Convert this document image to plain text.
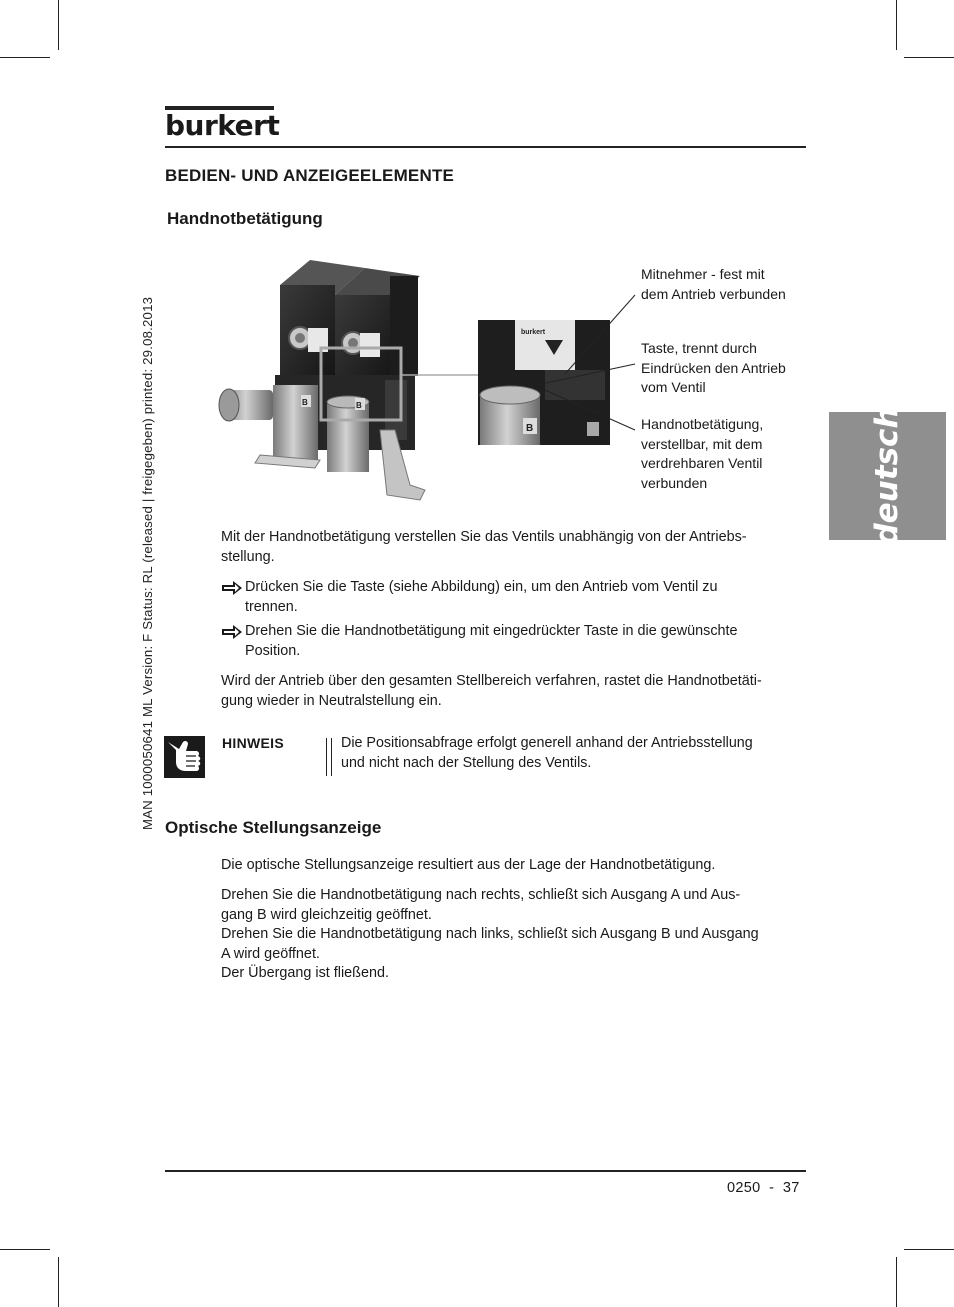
burkert
MAN 1000050641 ML Version: F Status: RL (released | freigegeben) printed: 29.08.2013	deutsch
BEDIEN- UND ANZEIGEELEMENTE
Handnotbetätigung
B	B
burkert
B
Mitnehmer - fest mit
dem Antrieb verbunden
Taste, trennt durch
Eindrücken den Antrieb
vom Ventil
Handnotbetätigung,
verstellbar, mit dem
verdrehbaren Ventil
verbunden
Mit der Handnotbetätigung verstellen Sie das Ventils unabhängig von der Antriebs-
stellung.
Drücken Sie die Taste (siehe Abbildung) ein, um den Antrieb vom Ventil zu
trennen.
Drehen Sie die Handnotbetätigung mit eingedrückter Taste in die gewünschte
Position.
Wird der Antrieb über den gesamten Stellbereich verfahren, rastet die Handnotbetäti-
gung wieder in Neutralstellung ein.
HINWEIS	Die Positionsabfrage erfolgt generell anhand der Antriebsstellung
und nicht nach der Stellung des Ventils.
Optische Stellungsanzeige
Die optische Stellungsanzeige resultiert aus der Lage der Handnotbetätigung.
Drehen Sie die Handnotbetätigung nach rechts, schließt sich Ausgang A und Aus-
gang B wird gleichzeitig geöffnet.
Drehen Sie die Handnotbetätigung nach links, schließt sich Ausgang B und Ausgang
A wird geöffnet.
Der Übergang ist fließend.
0250  -  37
